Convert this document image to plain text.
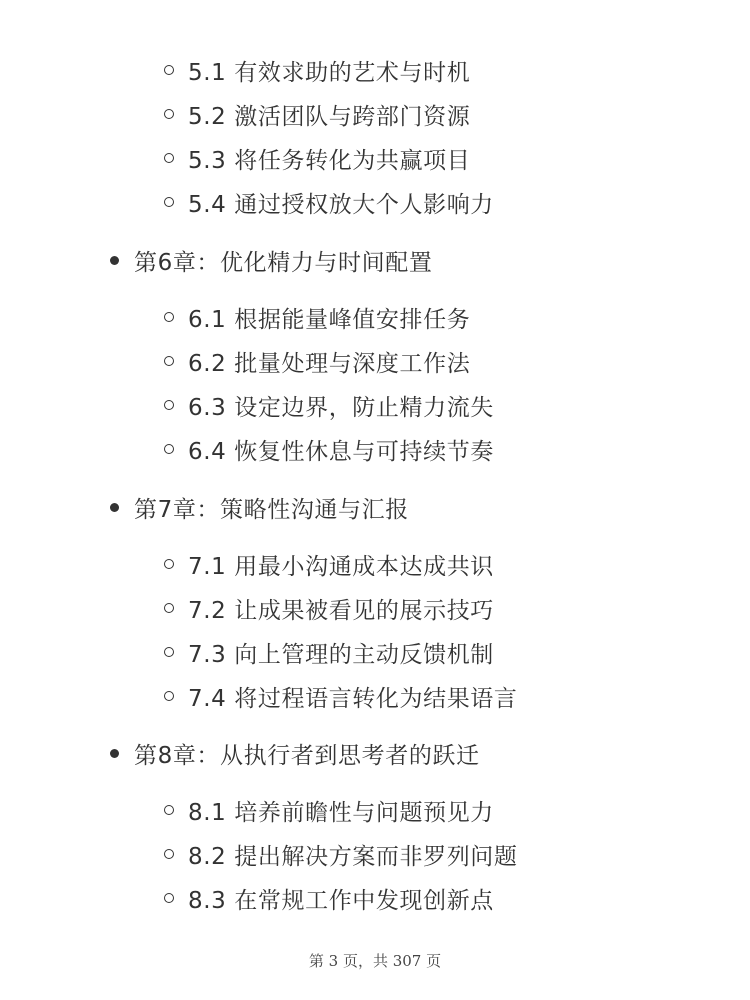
5.1 有效求助的艺术与时机
5.2 激活团队与跨部门资源
5.3 将任务转化为共赢项目
5.4 通过授权放大个人影响力
第6章：优化精力与时间配置
6.1 根据能量峰值安排任务
6.2 批量处理与深度工作法
6.3 设定边界，防止精力流失
6.4 恢复性休息与可持续节奏
第7章：策略性沟通与汇报
7.1 用最小沟通成本达成共识
7.2 让成果被看见的展示技巧
7.3 向上管理的主动反馈机制
7.4 将过程语言转化为结果语言
第8章：从执行者到思考者的跃迁
8.1 培养前瞻性与问题预见力
8.2 提出解决方案而非罗列问题
8.3 在常规工作中发现创新点
第 3 页，共 307 页
